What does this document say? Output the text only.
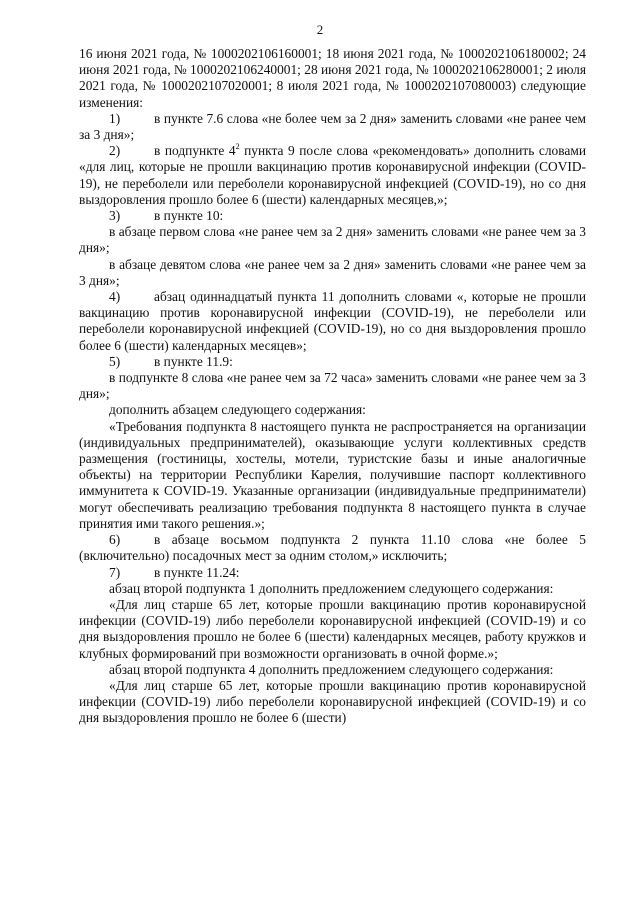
2

16 июня 2021 года, № 1000202106160001; 18 июня 2021 года, № 1000202106180002; 24 июня 2021 года, № 1000202106240001; 28 июня 2021 года, № 1000202106280001; 2 июля 2021 года, № 1000202107020001; 8 июля 2021 года, № 1000202107080003) следующие изменения:

1)	в пункте 7.6 слова «не более чем за 2 дня» заменить словами «не ранее чем за 3 дня»;

2)	в подпункте $4^2$ пункта 9 после слова «рекомендовать» дополнить словами «для лиц, которые не прошли вакцинацию против коронавирусной инфекции (COVID-19), не переболели или переболели коронавирусной инфекцией (COVID-19), но со дня выздоровления прошло более 6 (шести) календарных месяцев,»;

3)	в пункте 10:

в абзаце первом слова «не ранее чем за 2 дня» заменить словами «не ранее чем за 3 дня»;

в абзаце девятом слова «не ранее чем за 2 дня» заменить словами «не ранее чем за 3 дня»;

4)	абзац одиннадцатый пункта 11 дополнить словами «, которые не прошли вакцинацию против коронавирусной инфекции (COVID-19), не переболели или переболели коронавирусной инфекцией (COVID-19), но со дня выздоровления прошло более 6 (шести) календарных месяцев»;

5)	в пункте 11.9:

в подпункте 8 слова «не ранее чем за 72 часа» заменить словами «не ранее чем за 3 дня»;

дополнить абзацем следующего содержания:

«Требования подпункта 8 настоящего пункта не распространяется на организации (индивидуальных предпринимателей), оказывающие услуги коллективных средств размещения (гостиницы, хостелы, мотели, туристские базы и иные аналогичные объекты) на территории Республики Карелия, получившие паспорт коллективного иммунитета к COVID-19. Указанные организации (индивидуальные предприниматели) могут обеспечивать реализацию требования подпункта 8 настоящего пункта в случае принятия ими такого решения.»;

6)	в абзаце восьмом подпункта 2 пункта 11.10 слова «не более 5 (включительно) посадочных мест за одним столом,» исключить;

7)	в пункте 11.24:

абзац второй подпункта 1 дополнить предложением следующего содержания:

«Для лиц старше 65 лет, которые прошли вакцинацию против коронавирусной инфекции (COVID-19) либо переболели коронавирусной инфекцией (COVID-19) и со дня выздоровления прошло не более 6 (шести) календарных месяцев, работу кружков и клубных формирований при возможности организовать в очной форме.»;

абзац второй подпункта 4 дополнить предложением следующего содержания:

«Для лиц старше 65 лет, которые прошли вакцинацию против коронавирусной инфекции (COVID-19) либо переболели коронавирусной инфекцией (COVID-19) и со дня выздоровления прошло не более 6 (шести)
